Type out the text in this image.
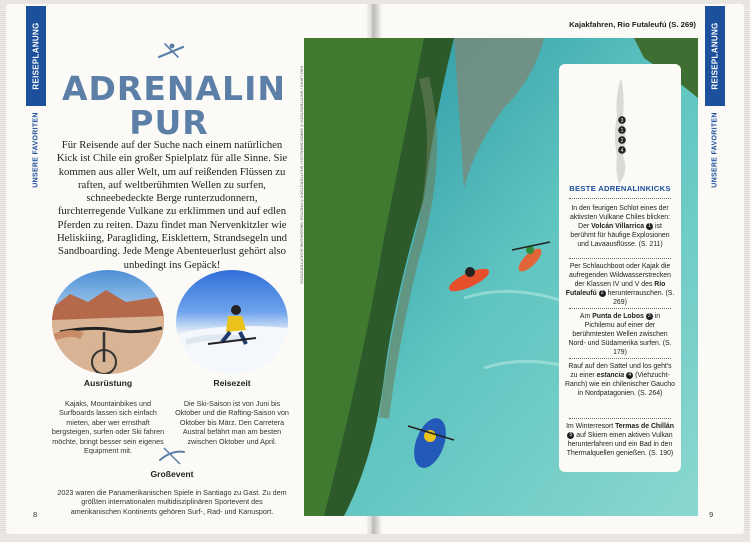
REISEPLANUNG
UNSERE FAVORITEN
ADRENALIN
PUR
Für Reisende auf der Suche nach einem natürlichen Kick ist Chile ein großer Spielplatz für alle Sinne. Sie kommen aus aller Welt, um auf reißenden Flüssen zu raften, auf weltberühmten Wellen zu surfen, schneebedeckte Berge runterzudonnern, furchterregende Vulkane zu erklimmen und auf edlen Pferden zu reiten. Dazu findet man Nervenkitzler wie Heliskiing, Paragliding, Eisklettern, Strandsegeln und Sandboarding. Jede Menge Abenteuerlust gehört also unbedingt ins Gepäck!
Ausrüstung
Kajaks, Mountainbikes und Surfboards lassen sich einfach mieten, aber wer ernsthaft bergsteigen, surfen oder Ski fahren möchte, bringt besser sein eigenes Equipment mit.
Reisezeit
Die Ski-Saison ist von Juni bis Oktober und die Rafting-Saison von Oktober bis März. Den Carretera Austral befährt man am besten zwischen Oktober und April.
Großevent
2023 waren die Panamerikanischen Spiele in Santiago zu Gast. Zu dem größten internationalen multidisziplinären Sportevent des amerikanischen Kontinents gehören Surf-, Rad- und Kanusport.
8
REISEPLANUNG
UNSERE FAVORITEN
Kajakfahren, Rio Futaleufú (S. 269)
KAD LAHIN / SHUTTERSTOCK © SIMON BAKALICH / SHUTTERSTOCK © PHOTOS: MAGDALENA.SCHUTTERSTOCK	3
1
2
4
BESTE ADRENALINKICKS
In den feurigen Schlot eines der aktivsten Vulkane Chiles blicken: Der Volcán Villarrica 1 ist berühmt für häufige Explosionen und Lavaausflüsse. (S. 211)
Per Schlauchboot oder Kajak die aufregenden Wildwasserstrecken der Klassen IV und V des Río Futaleufú 2 herunterrauschen. (S. 269)
Am Punta de Lobos 3 in Pichilemu auf einer der berühmtesten Wellen zwischen Nord- und Südamerika surfen. (S. 179)
Rauf auf den Sattel und los geht's zu einer estancia 4 (Viehzucht-Ranch) wie ein chilenischer Gaucho in Nordpatagonien. (S. 264)
Im Winterresort Termas de Chillán 5 auf Skiern einen aktiven Vulkan herunterfahren und ein Bad in den Thermalquellen genießen. (S. 190)
9
